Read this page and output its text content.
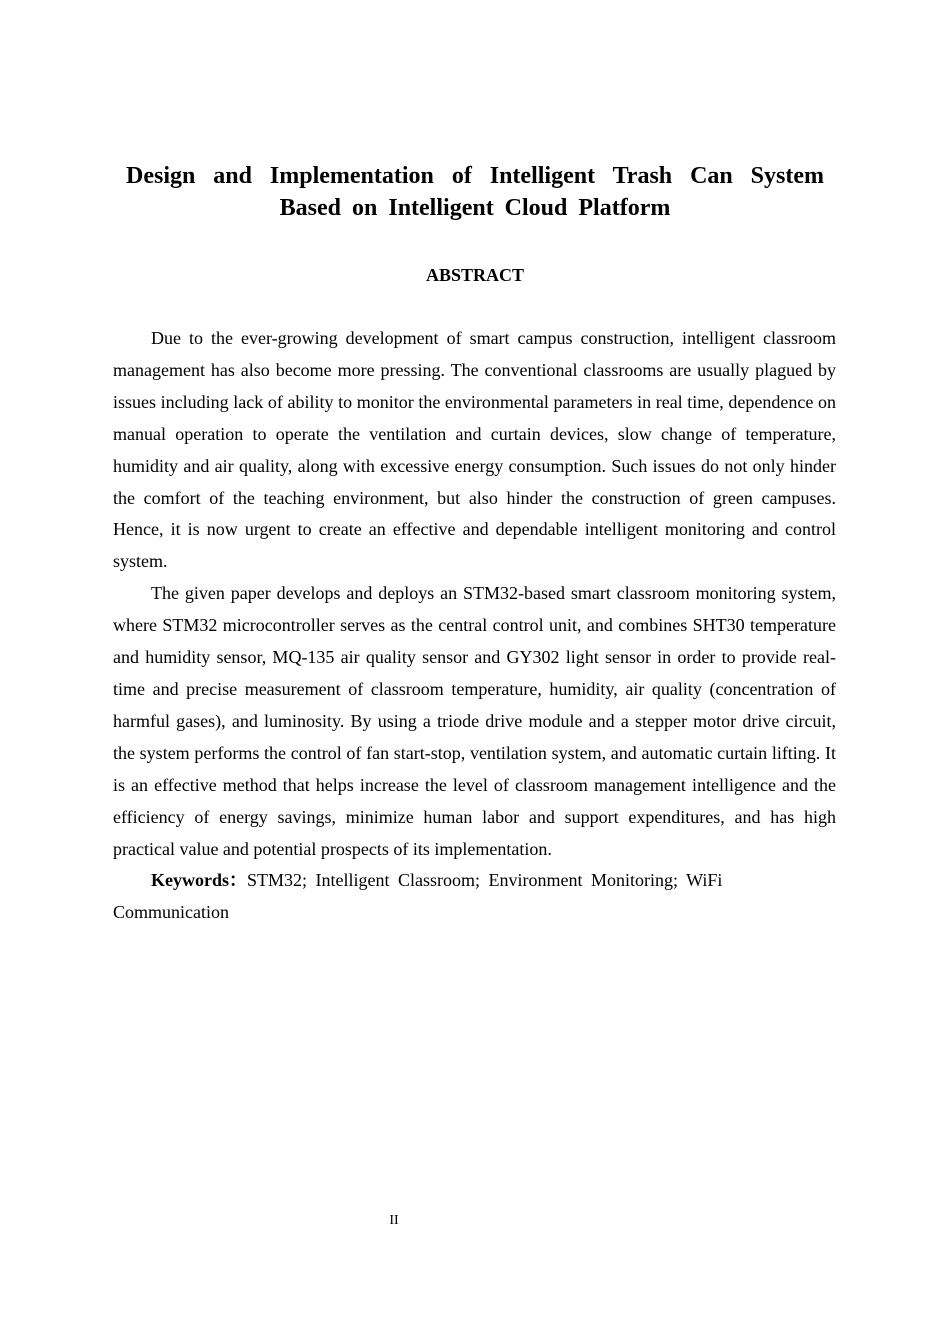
Design and Implementation of Intelligent Trash Can System Based on Intelligent Cloud Platform
ABSTRACT

Due to the ever-growing development of smart campus construction, intelligent classroom management has also become more pressing. The conventional classrooms are usually plagued by issues including lack of ability to monitor the environmental parameters in real time, dependence on manual operation to operate the ventilation and curtain devices, slow change of temperature, humidity and air quality, along with excessive energy consumption. Such issues do not only hinder the comfort of the teaching environment, but also hinder the construction of green campuses. Hence, it is now urgent to create an effective and dependable intelligent monitoring and control system.

The given paper develops and deploys an STM32-based smart classroom monitoring system, where STM32 microcontroller serves as the central control unit, and combines SHT30 temperature and humidity sensor, MQ-135 air quality sensor and GY302 light sensor in order to provide real-time and precise measurement of classroom temperature, humidity, air quality (concentration of harmful gases), and luminosity. By using a triode drive module and a stepper motor drive circuit, the system performs the control of fan start-stop, ventilation system, and automatic curtain lifting. It is an effective method that helps increase the level of classroom management intelligence and the efficiency of energy savings, minimize human labor and support expenditures, and has high practical value and potential prospects of its implementation.

Keywords：STM32; Intelligent Classroom; Environment Monitoring; WiFi Communication

II
